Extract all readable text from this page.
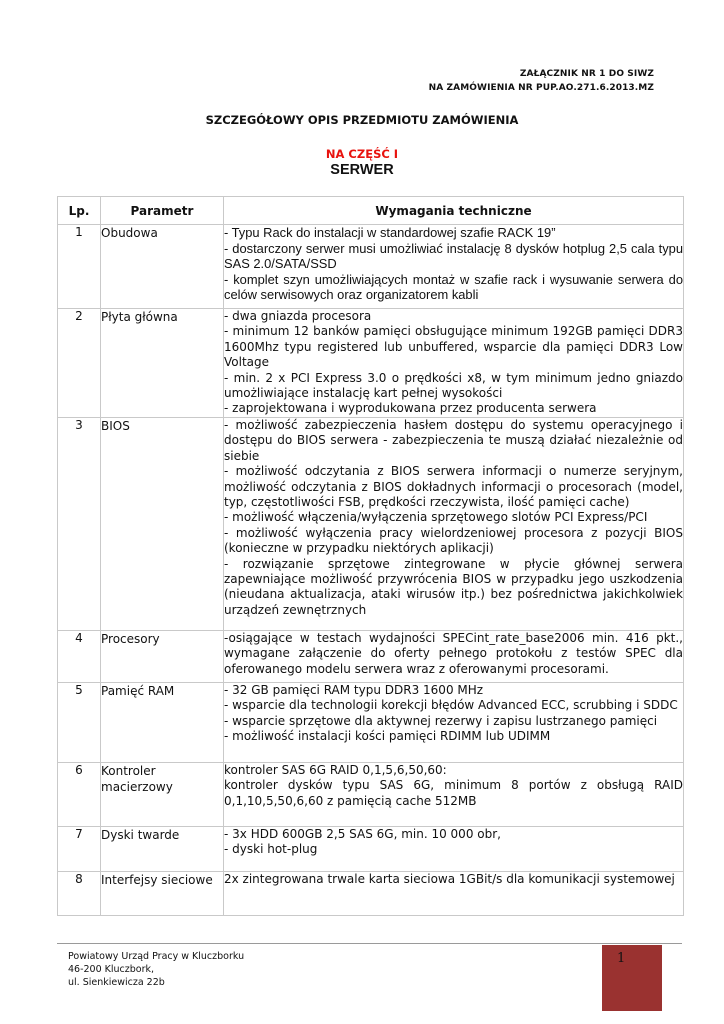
ZAŁĄCZNIK NR 1 DO SIWZ
NA ZAMÓWIENIA NR PUP.AO.271.6.2013.MZ
SZCZEGÓŁOWY OPIS PRZEDMIOTU ZAMÓWIENIA
NA CZĘŚĆ I
SERWER
Lp.	Parametr	Wymagania techniczne
1	Obudowa	- Typu Rack do instalacji w standardowej szafie RACK 19”
- dostarczony serwer musi umożliwiać instalację 8 dysków hotplug 2,5 cala typu SAS 2.0/SATA/SSD
- komplet szyn umożliwiających montaż w szafie rack i wysuwanie serwera do celów serwisowych oraz organizatorem kabli

2	Płyta główna	- dwa gniazda procesora
- minimum 12 banków pamięci obsługujące minimum 192GB pamięci DDR3 1600Mhz typu registered lub unbuffered, wsparcie dla pamięci DDR3 Low Voltage
- min. 2 x PCI Express 3.0 o prędkości x8, w tym minimum jedno gniazdo umożliwiające instalację kart pełnej wysokości
- zaprojektowana i wyprodukowana przez producenta serwera

3	BIOS	- możliwość zabezpieczenia hasłem dostępu do systemu operacyjnego i dostępu do BIOS serwera - zabezpieczenia te muszą działać niezależnie od siebie
- możliwość odczytania z BIOS serwera informacji o numerze seryjnym, możliwość odczytania z BIOS dokładnych informacji o procesorach (model, typ, częstotliwości FSB, prędkości rzeczywista, ilość pamięci cache)
- możliwość włączenia/wyłączenia sprzętowego slotów PCI Express/PCI
- możliwość wyłączenia pracy wielordzeniowej procesora z pozycji BIOS (konieczne w przypadku niektórych aplikacji)
- rozwiązanie sprzętowe zintegrowane w płycie głównej serwera zapewniające możliwość przywrócenia BIOS w przypadku jego uszkodzenia (nieudana aktualizacja, ataki wirusów itp.) bez pośrednictwa jakichkolwiek urządzeń zewnętrznych

4	Procesory	-osiągające w testach wydajności SPECint_rate_base2006 min. 416 pkt., wymagane załączenie do oferty pełnego protokołu z testów SPEC dla oferowanego modelu serwera wraz z oferowanymi procesorami.

5	Pamięć RAM	- 32 GB pamięci RAM typu DDR3 1600 MHz
- wsparcie dla technologii korekcji błędów Advanced ECC, scrubbing i SDDC
- wsparcie sprzętowe dla aktywnej rezerwy i zapisu lustrzanego pamięci
- możliwość instalacji kości pamięci RDIMM lub UDIMM

6	Kontroler macierzowy	kontroler SAS 6G RAID 0,1,5,6,50,60:
kontroler dysków typu SAS 6G, minimum 8 portów z obsługą RAID 0,1,10,5,50,6,60 z pamięcią cache 512MB

7	Dyski twarde	- 3x HDD 600GB 2,5 SAS 6G, min. 10 000 obr,
- dyski hot-plug

8	Interfejsy sieciowe	2x zintegrowana trwale karta sieciowa 1GBit/s dla komunikacji systemowej
Powiatowy Urząd Pracy w Kluczborku
46-200 Kluczbork,
ul. Sienkiewicza 22b
1
